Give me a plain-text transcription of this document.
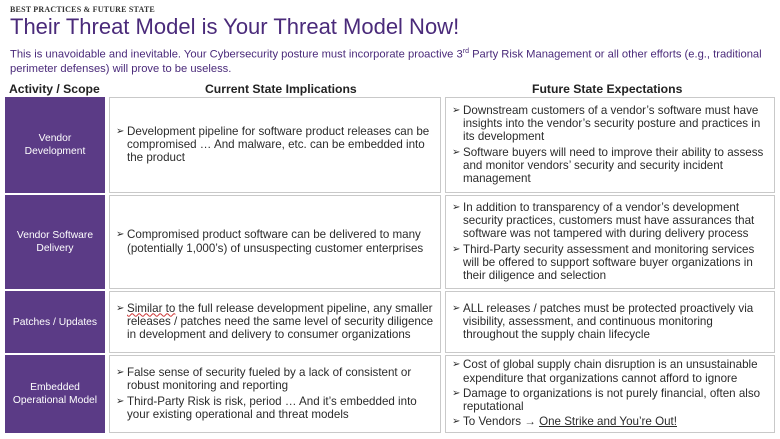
BEST PRACTICES & FUTURE STATE
Their Threat Model is Your Threat Model Now!
This is unavoidable and inevitable. Your Cybersecurity posture must incorporate proactive 3rd Party Risk Management or all other efforts (e.g., traditional perimeter defenses) will prove to be useless.
Activity / Scope	Current State Implications	Future State Expectations
Vendor Development
➢ Development pipeline for software product releases can be compromised … And malware, etc. can be embedded into the product
➢ Downstream customers of a vendor’s software must have insights into the vendor’s security posture and practices in its development
➢ Software buyers will need to improve their ability to assess and monitor vendors’ security and security incident management
Vendor Software Delivery
➢ Compromised product software can be delivered to many (potentially 1,000’s) of unsuspecting customer enterprises
➢ In addition to transparency of a vendor’s development security practices, customers must have assurances that software was not tampered with during delivery process
➢ Third-Party security assessment and monitoring services will be offered to support software buyer organizations in their diligence and selection
Patches / Updates
➢ Similar to the full release development pipeline, any smaller releases / patches need the same level of security diligence in development and delivery to consumer organizations
➢ ALL releases / patches must be protected proactively via visibility, assessment, and continuous monitoring throughout the supply chain lifecycle
Embedded Operational Model
➢ False sense of security fueled by a lack of consistent or robust monitoring and reporting
➢ Third-Party Risk is risk, period … And it’s embedded into your existing operational and threat models
➢ Cost of global supply chain disruption is an unsustainable expenditure that organizations cannot afford to ignore
➢ Damage to organizations is not purely financial, often also reputational
➢ To Vendors → One Strike and You’re Out!
